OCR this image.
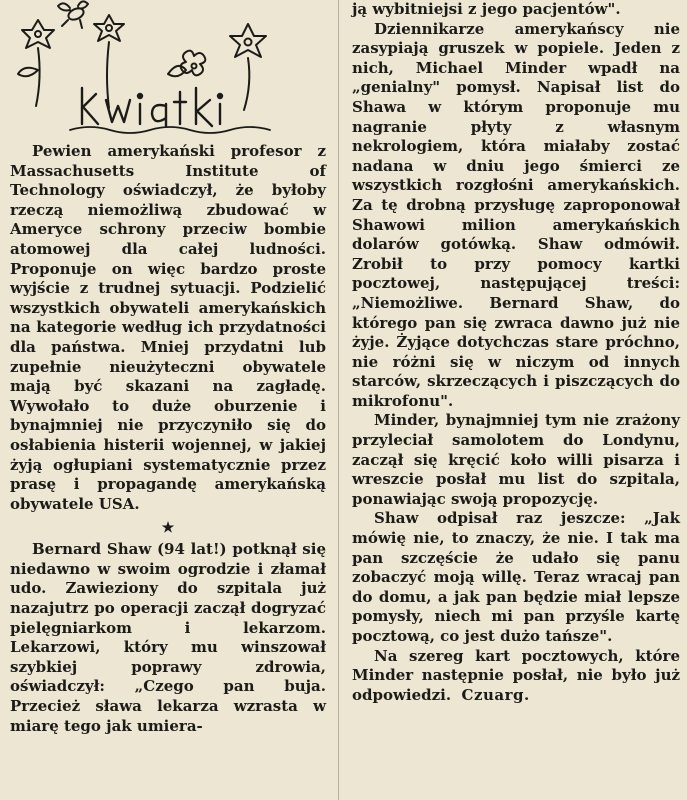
Pewien amerykański profesor z Massachusetts Institute of Technology oświadczył, że byłoby rzeczą niemożliwą zbudować w Ameryce schrony przeciw bombie atomowej dla całej ludności. Proponuje on więc bardzo proste wyjście z trudnej sytuacji. Podzielić wszystkich obywateli amerykańskich na kategorie według ich przydatności dla państwa. Mniej przydatni lub zupełnie nieużyteczni obywatele mają być skazani na zagładę. Wywołało to duże oburzenie i bynajmniej nie przyczyniło się do osłabienia histerii wojennej, w jakiej żyją ogłupiani systematycznie przez prasę i propagandę amerykańską obywatele USA.

★

Bernard Shaw (94 lat!) potknął się niedawno w swoim ogrodzie i złamał udo. Zawieziony do szpitala już nazajutrz po operacji zaczął dogryzać pielęgniarkom i lekarzom. Lekarzowi, który mu winszował szybkiej poprawy zdrowia, oświadczył: „Czego pan buja. Przecież sława lekarza wzrasta w miarę tego jak umiera-

ją wybitniejsi z jego pacjentów".

Dziennikarze amerykańscy nie zasypiają gruszek w popiele. Jeden z nich, Michael Minder wpadł na „genialny" pomysł. Napisał list do Shawa w którym proponuje mu nagranie płyty z własnym nekrologiem, która miałaby zostać nadana w dniu jego śmierci ze wszystkich rozgłośni amerykańskich. Za tę drobną przysługę zaproponował Shawowi milion amerykańskich dolarów gotówką. Shaw odmówił. Zrobił to przy pomocy kartki pocztowej, następującej treści: „Niemożliwe. Bernard Shaw, do którego pan się zwraca dawno już nie żyje. Żyjące dotychczas stare próchno, nie różni się w niczym od innych starców, skrzeczących i piszczących do mikrofonu".

Minder, bynajmniej tym nie zrażony przyleciał samolotem do Londynu, zaczął się kręcić koło willi pisarza i wreszcie posłał mu list do szpitala, ponawiając swoją propozycję.

Shaw odpisał raz jeszcze: „Jak mówię nie, to znaczy, że nie. I tak ma pan szczęście że udało się panu zobaczyć moją willę. Teraz wracaj pan do domu, a jak pan będzie miał lepsze pomysły, niech mi pan przyśle kartę pocztową, co jest dużo tańsze".

Na szereg kart pocztowych, które Minder następnie posłał, nie było już odpowiedzi. Czuarg.
